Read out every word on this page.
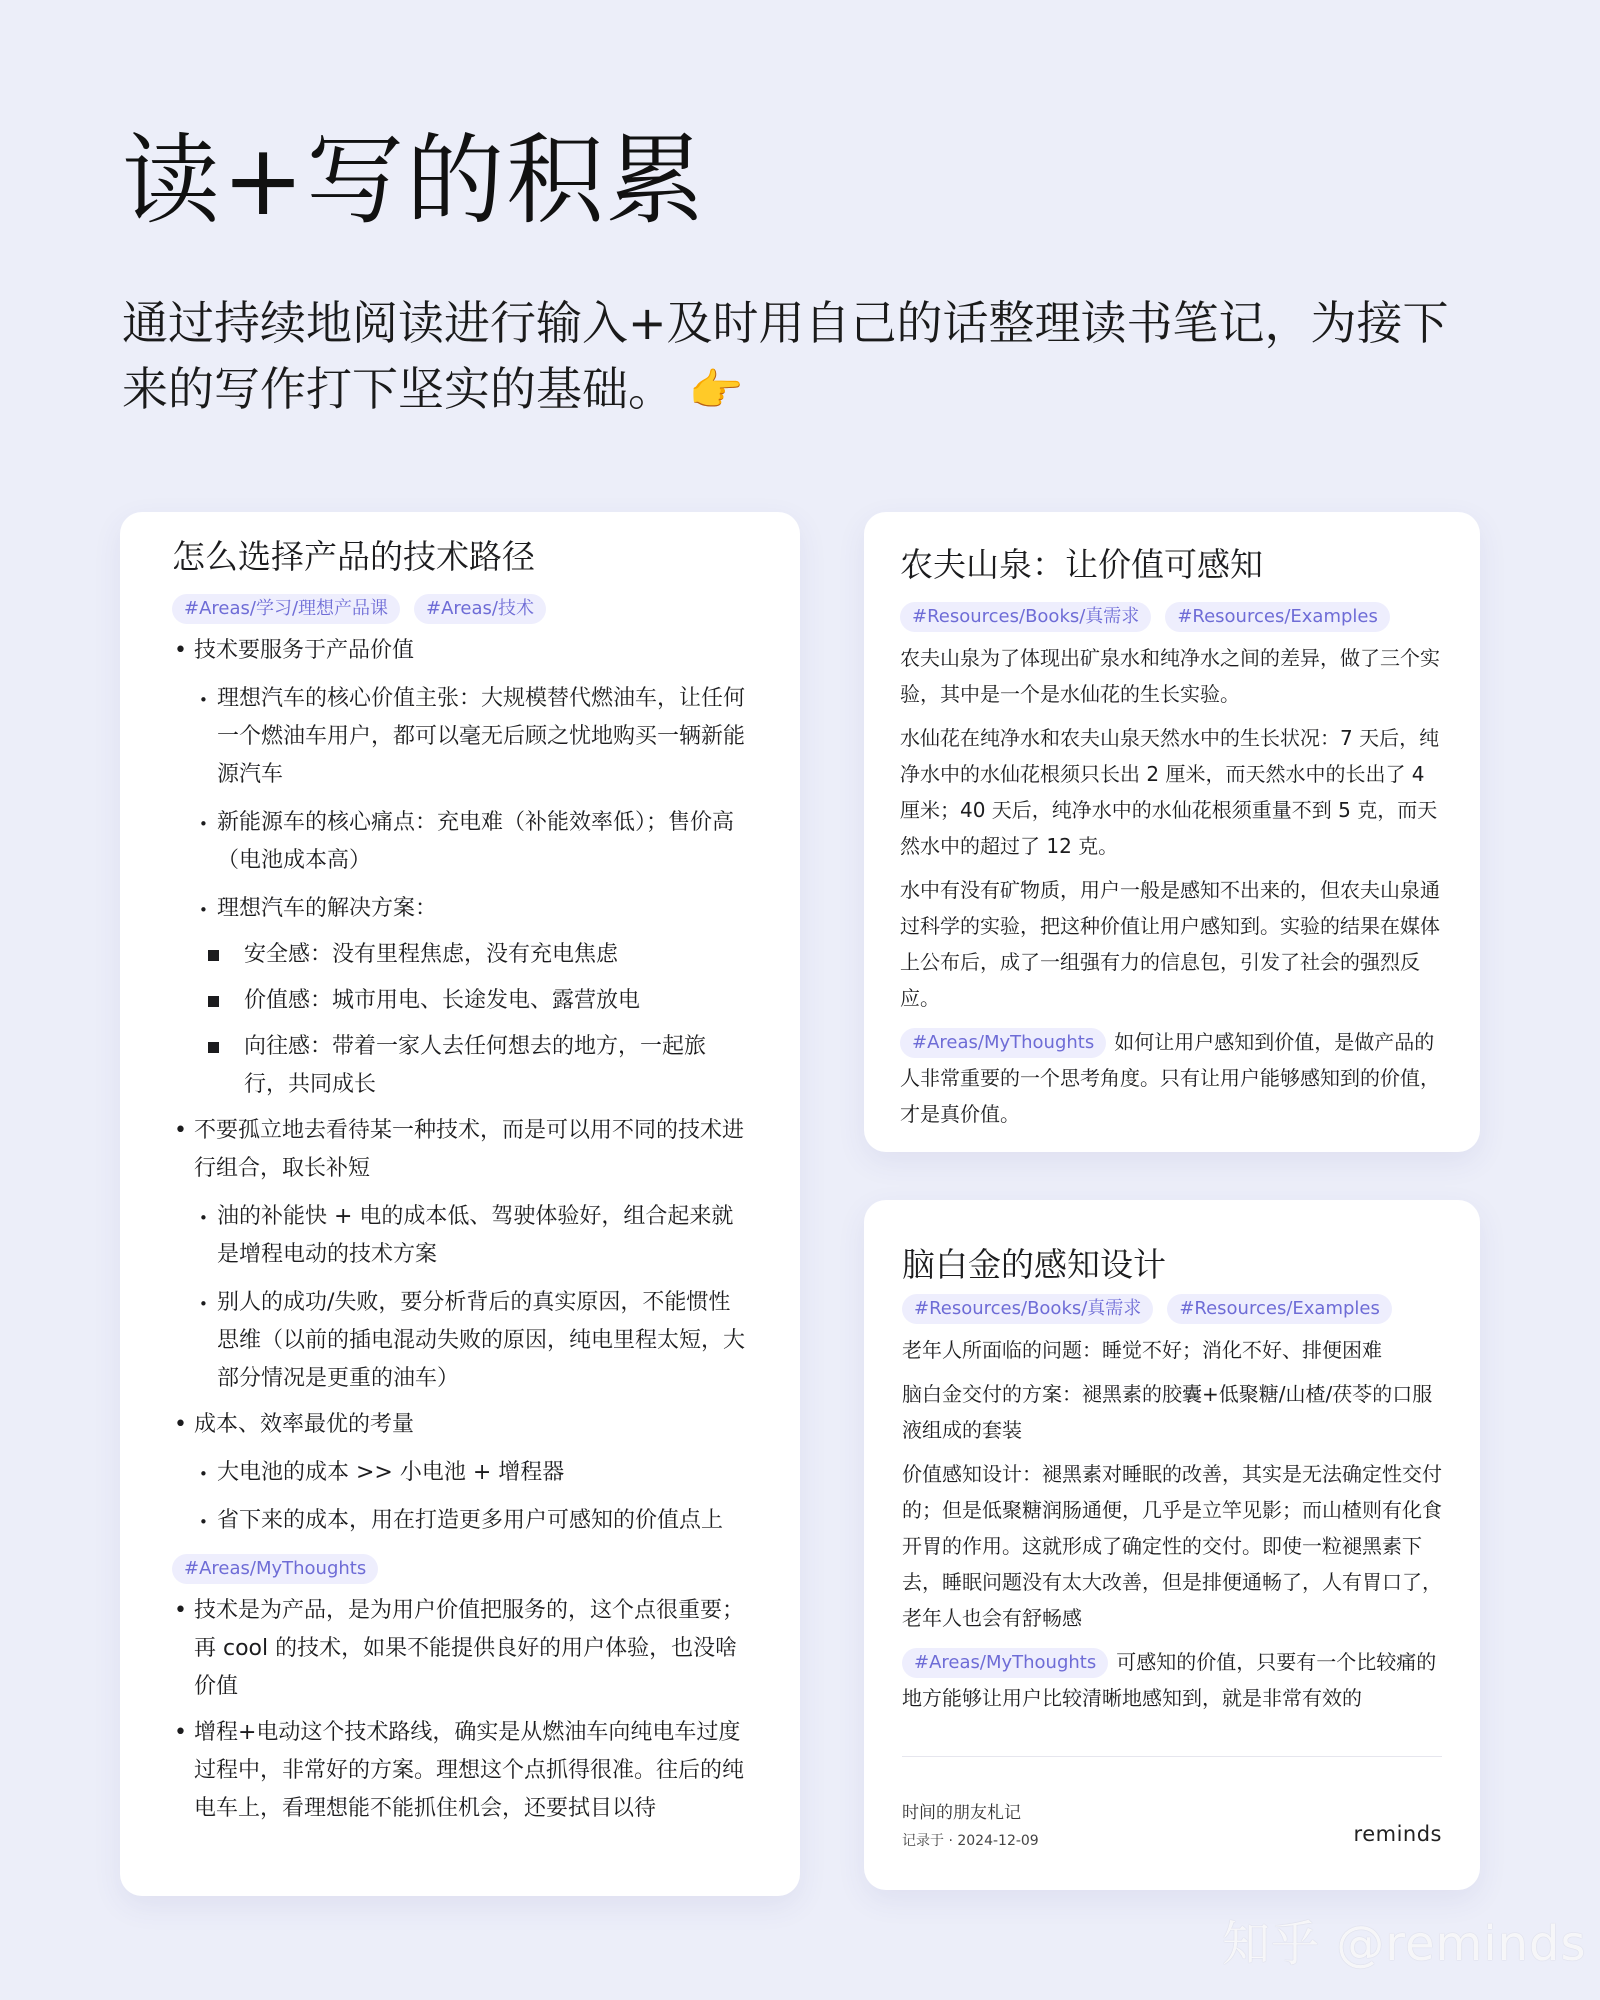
读+写的积累
通过持续地阅读进行输入+及时用自己的话整理读书笔记，为接下来的写作打下坚实的基础。 👉
怎么选择产品的技术路径
#Areas/学习/理想产品课	#Areas/技术
• 技术要服务于产品价值
• 理想汽车的核心价值主张：大规模替代燃油车，让任何一个燃油车用户，都可以毫无后顾之忧地购买一辆新能源汽车
• 新能源车的核心痛点：充电难（补能效率低）；售价高（电池成本高）
• 理想汽车的解决方案：
安全感：没有里程焦虑，没有充电焦虑
价值感：城市用电、长途发电、露营放电
向往感：带着一家人去任何想去的地方，一起旅行，共同成长
• 不要孤立地去看待某一种技术，而是可以用不同的技术进行组合，取长补短
• 油的补能快 + 电的成本低、驾驶体验好，组合起来就是增程电动的技术方案
• 别人的成功/失败，要分析背后的真实原因，不能惯性思维（以前的插电混动失败的原因，纯电里程太短，大部分情况是更重的油车）
• 成本、效率最优的考量
• 大电池的成本 >> 小电池 + 增程器
• 省下来的成本，用在打造更多用户可感知的价值点上
#Areas/MyThoughts
• 技术是为产品，是为用户价值把服务的，这个点很重要；再 cool 的技术，如果不能提供良好的用户体验，也没啥价值
• 增程+电动这个技术路线，确实是从燃油车向纯电车过度过程中，非常好的方案。理想这个点抓得很准。往后的纯电车上，看理想能不能抓住机会，还要拭目以待
农夫山泉：让价值可感知
#Resources/Books/真需求	#Resources/Examples
农夫山泉为了体现出矿泉水和纯净水之间的差异，做了三个实验，其中是一个是水仙花的生长实验。
水仙花在纯净水和农夫山泉天然水中的生长状况：7 天后，纯净水中的水仙花根须只长出 2 厘米，而天然水中的长出了 4 厘米；40 天后，纯净水中的水仙花根须重量不到 5 克，而天然水中的超过了 12 克。
水中有没有矿物质，用户一般是感知不出来的，但农夫山泉通过科学的实验，把这种价值让用户感知到。实验的结果在媒体上公布后，成了一组强有力的信息包，引发了社会的强烈反应。
#Areas/MyThoughts 如何让用户感知到价值，是做产品的人非常重要的一个思考角度。只有让用户能够感知到的价值，才是真价值。
脑白金的感知设计
#Resources/Books/真需求	#Resources/Examples
老年人所面临的问题：睡觉不好；消化不好、排便困难
脑白金交付的方案：褪黑素的胶囊+低聚糖/山楂/茯苓的口服液组成的套装
价值感知设计：褪黑素对睡眠的改善，其实是无法确定性交付的；但是低聚糖润肠通便，几乎是立竿见影；而山楂则有化食开胃的作用。这就形成了确定性的交付。即使一粒褪黑素下去，睡眠问题没有太大改善，但是排便通畅了，人有胃口了，老年人也会有舒畅感
#Areas/MyThoughts 可感知的价值，只要有一个比较痛的地方能够让用户比较清晰地感知到，就是非常有效的
时间的朋友札记
记录于 · 2024-12-09	reminds
知乎 @reminds
